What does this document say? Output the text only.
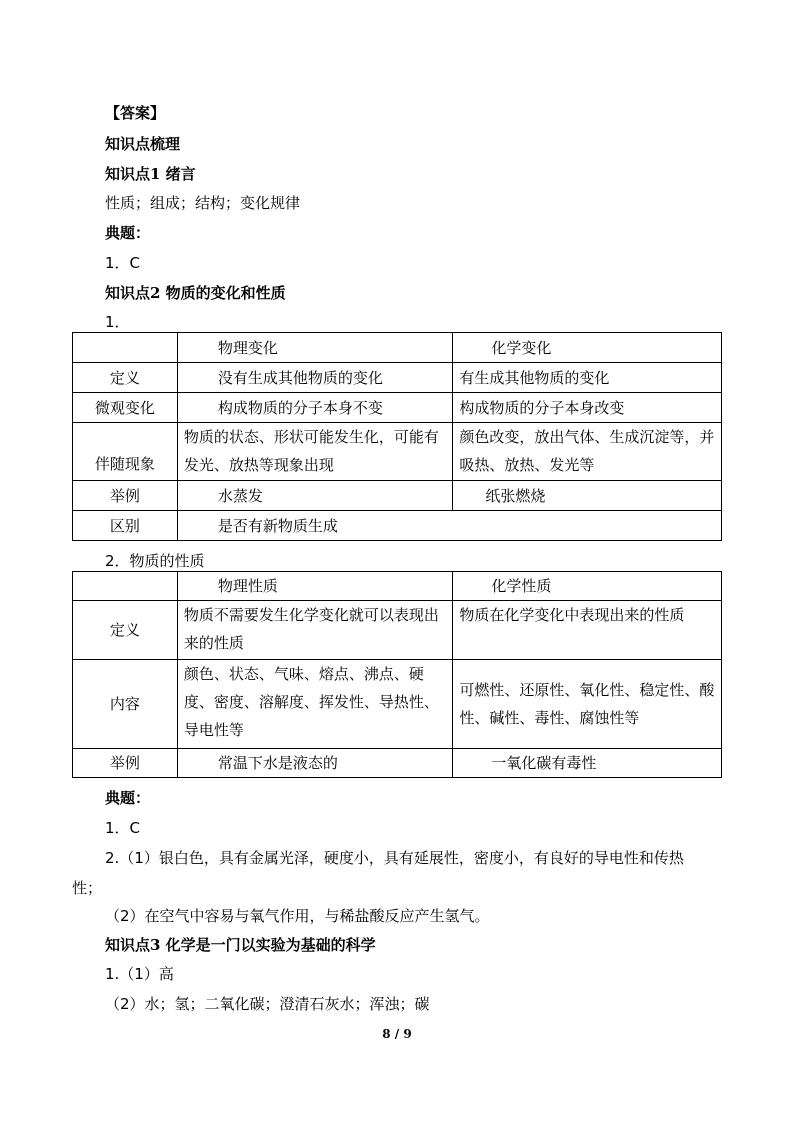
【答案】
知识点梳理
知识点1 绪言
性质；组成；结构；变化规律
典题：
1．C
知识点2 物质的变化和性质
1．
	物理变化	化学变化
定义	没有生成其他物质的变化	有生成其他物质的变化
微观变化	构成物质的分子本身不变	构成物质的分子本身改变
伴随现象	物质的状态、形状可能发生化，可能有发光、放热等现象出现	颜色改变，放出气体、生成沉淀等，并吸热、放热、发光等
举例	水蒸发	纸张燃烧
区别	是否有新物质生成	
2．物质的性质
	物理性质	化学性质
定义	物质不需要发生化学变化就可以表现出来的性质	物质在化学变化中表现出来的性质
内容	颜色、状态、气味、熔点、沸点、硬度、密度、溶解度、挥发性、导热性、导电性等	可燃性、还原性、氧化性、稳定性、酸性、碱性、毒性、腐蚀性等
举例	常温下水是液态的	一氧化碳有毒性
典题：
1．C
2.（1）银白色，具有金属光泽，硬度小，具有延展性，密度小，有良好的导电性和传热
性；
（2）在空气中容易与氧气作用，与稀盐酸反应产生氢气。
知识点3 化学是一门以实验为基础的科学
1.（1）高
（2）水；氢；二氧化碳；澄清石灰水；浑浊；碳
8 / 9
